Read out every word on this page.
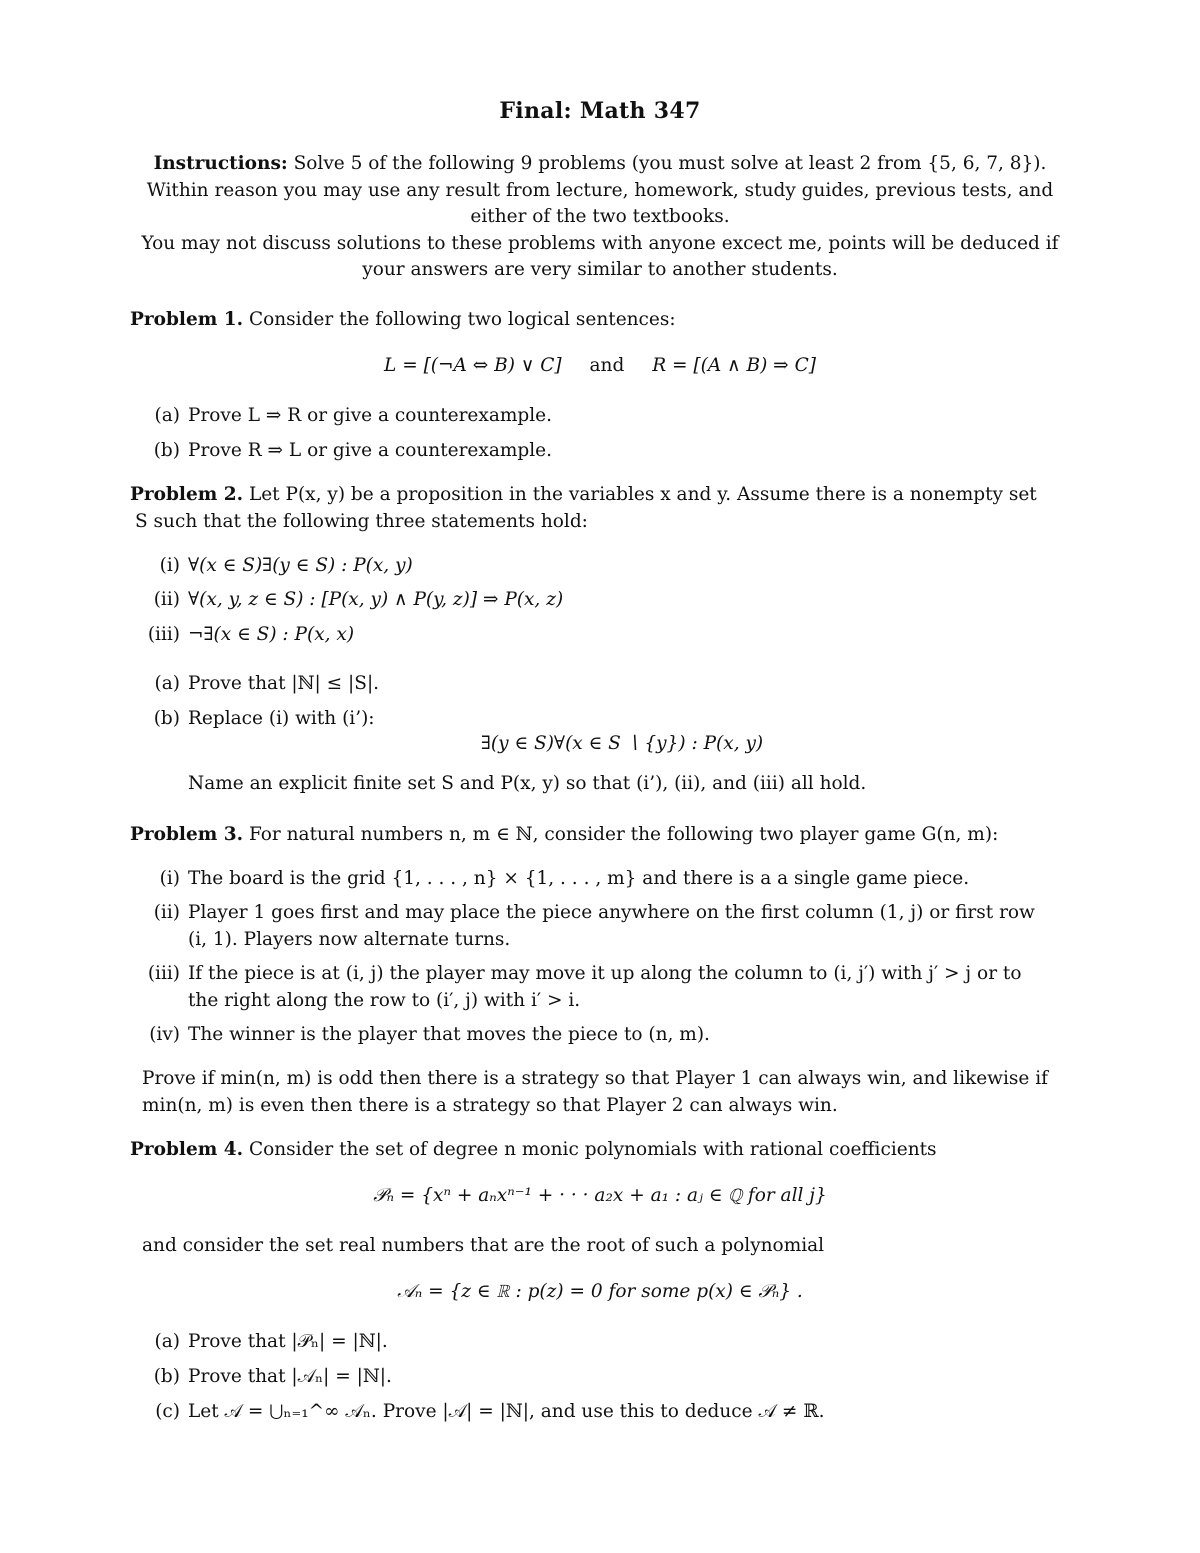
Final: Math 347
Instructions: Solve 5 of the following 9 problems (you must solve at least 2 from {5, 6, 7, 8}).
Within reason you may use any result from lecture, homework, study guides, previous tests, and
either of the two textbooks.
You may not discuss solutions to these problems with anyone excect me, points will be deduced if
your answers are very similar to another students.
Problem 1. Consider the following two logical sentences:
L = [(¬A ⇔ B) ∨ C] and R = [(A ∧ B) ⇒ C]
(a) Prove L ⇒ R or give a counterexample.
(b) Prove R ⇒ L or give a counterexample.
Problem 2. Let P(x, y) be a proposition in the variables x and y. Assume there is a nonempty set
S such that the following three statements hold:
(i) ∀(x ∈ S)∃(y ∈ S) : P(x, y)
(ii) ∀(x, y, z ∈ S) : [P(x, y) ∧ P(y, z)] ⇒ P(x, z)
(iii) ¬∃(x ∈ S) : P(x, x)
(a) Prove that |ℕ| ≤ |S|.
(b) Replace (i) with (i’):
∃(y ∈ S)∀(x ∈ S ∖ {y}) : P(x, y)
Name an explicit finite set S and P(x, y) so that (i’), (ii), and (iii) all hold.
Problem 3. For natural numbers n, m ∈ ℕ, consider the following two player game G(n, m):
(i) The board is the grid {1, . . . , n} × {1, . . . , m} and there is a a single game piece.
(ii) Player 1 goes first and may place the piece anywhere on the first column (1, j) or first row
(i, 1). Players now alternate turns.
(iii) If the piece is at (i, j) the player may move it up along the column to (i, j′) with j′ > j or to
the right along the row to (i′, j) with i′ > i.
(iv) The winner is the player that moves the piece to (n, m).
Prove if min(n, m) is odd then there is a strategy so that Player 1 can always win, and likewise if
min(n, m) is even then there is a strategy so that Player 2 can always win.
Problem 4. Consider the set of degree n monic polynomials with rational coefficients
𝒫ₙ = {xⁿ + aₙxⁿ⁻¹ + · · · a₂x + a₁ : aⱼ ∈ ℚ for all j}
and consider the set real numbers that are the root of such a polynomial
𝒜ₙ = {z ∈ ℝ : p(z) = 0 for some p(x) ∈ 𝒫ₙ} .
(a) Prove that |𝒫ₙ| = |ℕ|.
(b) Prove that |𝒜ₙ| = |ℕ|.
(c) Let 𝒜 = ⋃ₙ₌₁^∞ 𝒜ₙ. Prove |𝒜| = |ℕ|, and use this to deduce 𝒜 ≠ ℝ.
